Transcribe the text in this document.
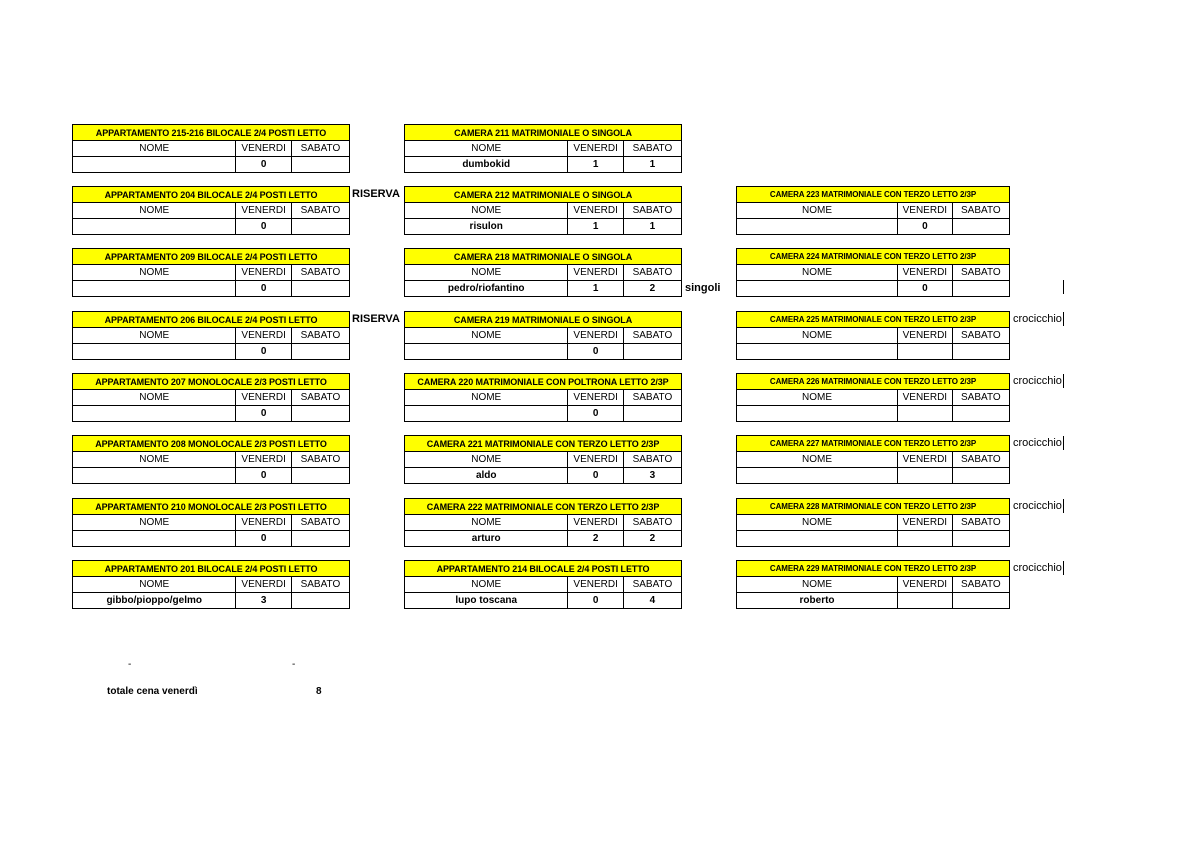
APPARTAMENTO 215-216 BILOCALE 2/4 POSTI LETTO		
NOME	VENERDI	SABATO
	0	
CAMERA 211 MATRIMONIALE O SINGOLA		
NOME	VENERDI	SABATO
dumbokid	1	1
APPARTAMENTO 204 BILOCALE 2/4 POSTI LETTO		
NOME	VENERDI	SABATO
	0	
CAMERA 212 MATRIMONIALE O SINGOLA		
NOME	VENERDI	SABATO
risulon	1	1
CAMERA 223 MATRIMONIALE CON TERZO LETTO 2/3P		
NOME	VENERDI	SABATO
	0	
APPARTAMENTO 209 BILOCALE 2/4 POSTI LETTO		
NOME	VENERDI	SABATO
	0	
CAMERA 218 MATRIMONIALE O SINGOLA		
NOME	VENERDI	SABATO
pedro/riofantino	1	2
CAMERA 224 MATRIMONIALE CON TERZO LETTO 2/3P		
NOME	VENERDI	SABATO
	0	
APPARTAMENTO 206 BILOCALE 2/4 POSTI LETTO		
NOME	VENERDI	SABATO
	0	
CAMERA 219 MATRIMONIALE O SINGOLA		
NOME	VENERDI	SABATO
	0	
CAMERA 225 MATRIMONIALE CON TERZO LETTO 2/3P		
NOME	VENERDI	SABATO

APPARTAMENTO 207 MONOLOCALE 2/3 POSTI LETTO		
NOME	VENERDI	SABATO
	0	
CAMERA 220 MATRIMONIALE CON POLTRONA LETTO 2/3P		
NOME	VENERDI	SABATO
	0	
CAMERA 226 MATRIMONIALE CON TERZO LETTO 2/3P		
NOME	VENERDI	SABATO

APPARTAMENTO 208 MONOLOCALE 2/3 POSTI LETTO		
NOME	VENERDI	SABATO
	0	
CAMERA 221 MATRIMONIALE CON TERZO LETTO 2/3P		
NOME	VENERDI	SABATO
aldo	0	3
CAMERA 227 MATRIMONIALE CON TERZO LETTO 2/3P		
NOME	VENERDI	SABATO

APPARTAMENTO 210 MONOLOCALE 2/3 POSTI LETTO		
NOME	VENERDI	SABATO
	0	
CAMERA 222 MATRIMONIALE CON TERZO LETTO 2/3P		
NOME	VENERDI	SABATO
arturo	2	2
CAMERA 228 MATRIMONIALE CON TERZO LETTO 2/3P		
NOME	VENERDI	SABATO

APPARTAMENTO 201 BILOCALE 2/4 POSTI LETTO		
NOME	VENERDI	SABATO
gibbo/pioppo/gelmo	3	
APPARTAMENTO 214 BILOCALE 2/4 POSTI LETTO		
NOME	VENERDI	SABATO
lupo toscana	0	4
CAMERA 229 MATRIMONIALE CON TERZO LETTO 2/3P		
NOME	VENERDI	SABATO
roberto		
RISERVA
RISERVA
singoli
crocicchio
crocicchio
crocicchio
crocicchio
crocicchio
-	-
totale cena venerdì	8
